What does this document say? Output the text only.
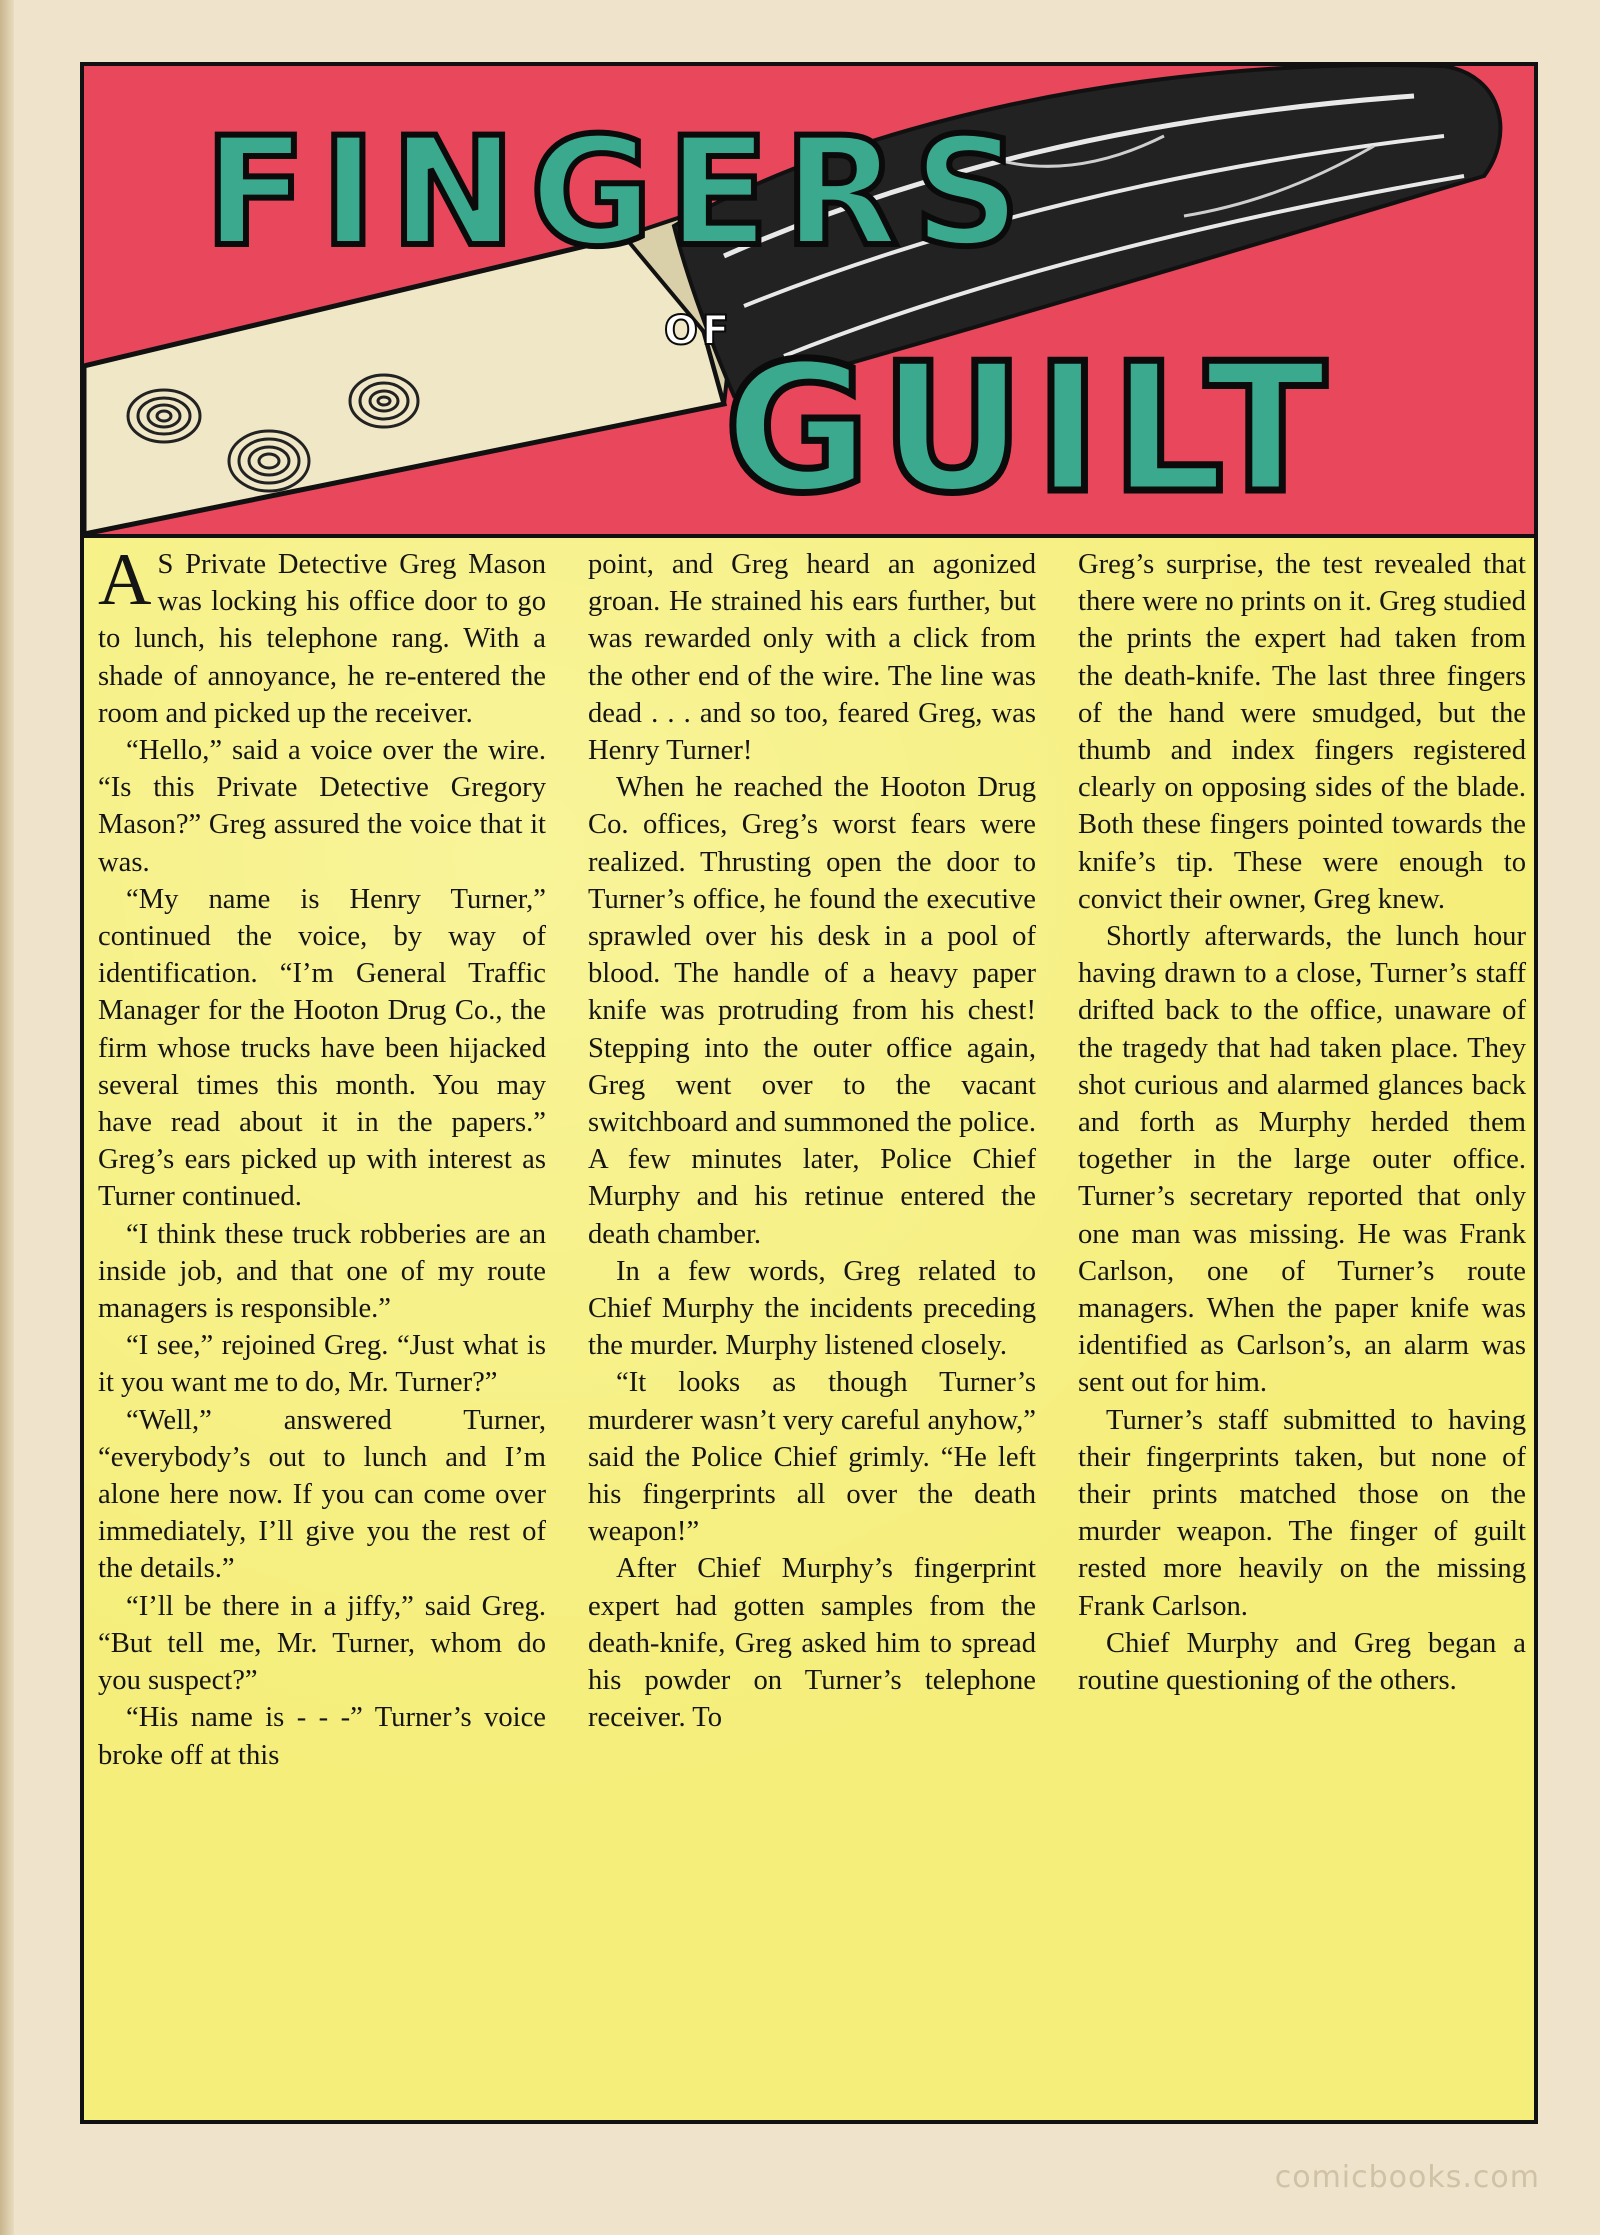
FINGERS
OF
GUILT

A S Private Detective Greg Mason was locking his office door to go to lunch, his telephone rang. With a shade of annoyance, he re-entered the room and picked up the receiver.

“Hello,” said a voice over the wire. “Is this Private Detective Gregory Mason?” Greg assured the voice that it was.

“My name is Henry Turner,” continued the voice, by way of identification. “I’m General Traffic Manager for the Hooton Drug Co., the firm whose trucks have been hijacked several times this month. You may have read about it in the papers.” Greg’s ears picked up with interest as Turner continued.

“I think these truck robberies are an inside job, and that one of my route managers is responsible.”

“I see,” rejoined Greg. “Just what is it you want me to do, Mr. Turner?”

“Well,” answered Turner, “everybody’s out to lunch and I’m alone here now. If you can come over immediately, I’ll give you the rest of the details.”

“I’ll be there in a jiffy,” said Greg. “But tell me, Mr. Turner, whom do you suspect?”

“His name is - - -” Turner’s voice broke off at this

point, and Greg heard an agonized groan. He strained his ears further, but was rewarded only with a click from the other end of the wire. The line was dead . . . and so too, feared Greg, was Henry Turner!

When he reached the Hooton Drug Co. offices, Greg’s worst fears were realized. Thrusting open the door to Turner’s office, he found the executive sprawled over his desk in a pool of blood. The handle of a heavy paper knife was protruding from his chest! Stepping into the outer office again, Greg went over to the vacant switchboard and summoned the police. A few minutes later, Police Chief Murphy and his retinue entered the death chamber.

In a few words, Greg related to Chief Murphy the incidents preceding the murder. Murphy listened closely.

“It looks as though Turner’s murderer wasn’t very careful anyhow,” said the Police Chief grimly. “He left his fingerprints all over the death weapon!”

After Chief Murphy’s fingerprint expert had gotten samples from the death-knife, Greg asked him to spread his powder on Turner’s telephone receiver. To

Greg’s surprise, the test revealed that there were no prints on it. Greg studied the prints the expert had taken from the death-knife. The last three fingers of the hand were smudged, but the thumb and index fingers registered clearly on opposing sides of the blade. Both these fingers pointed towards the knife’s tip. These were enough to convict their owner, Greg knew.

Shortly afterwards, the lunch hour having drawn to a close, Turner’s staff drifted back to the office, unaware of the tragedy that had taken place. They shot curious and alarmed glances back and forth as Murphy herded them together in the large outer office. Turner’s secretary reported that only one man was missing. He was Frank Carlson, one of Turner’s route managers. When the paper knife was identified as Carlson’s, an alarm was sent out for him.

Turner’s staff submitted to having their fingerprints taken, but none of their prints matched those on the murder weapon. The finger of guilt rested more heavily on the missing Frank Carlson.

Chief Murphy and Greg began a routine questioning of the others.

comicbooks.com
